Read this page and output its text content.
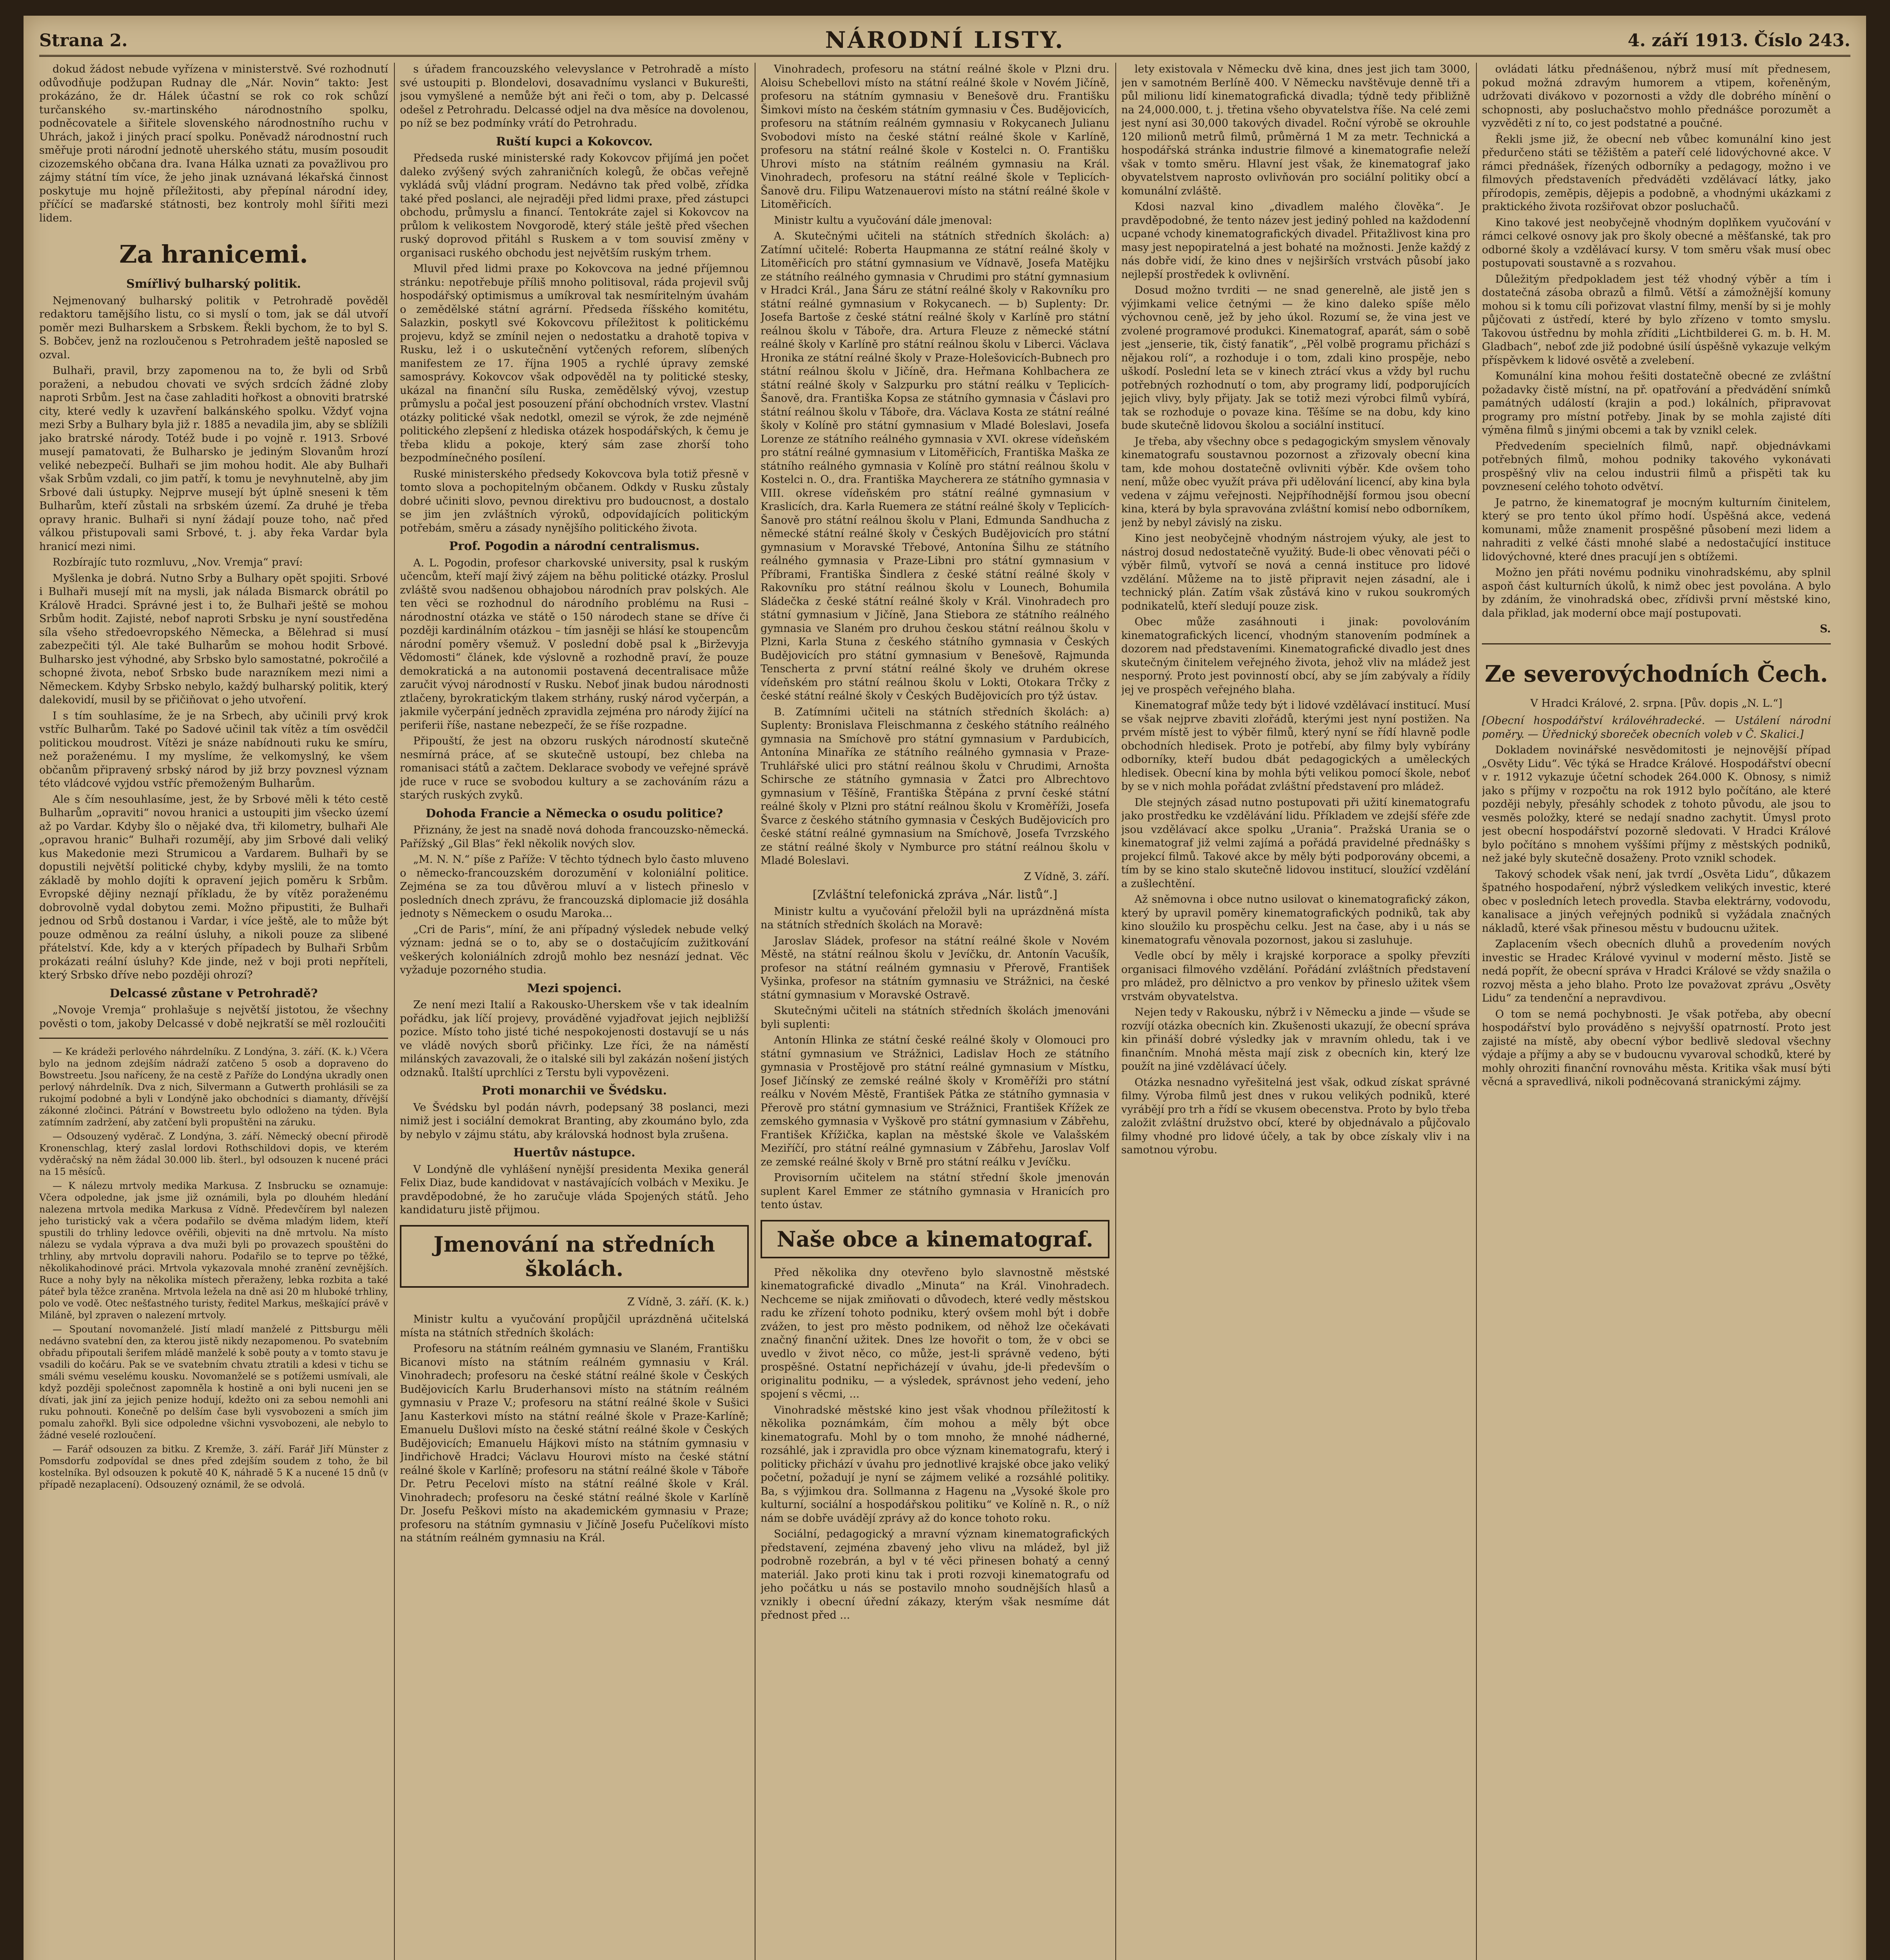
Strana 2.	NÁRODNÍ LISTY.	4. září 1913. Číslo 243.

dokud žádost nebude vyřízena v ministerstvě. Své rozhodnutí odůvodňuje podžupan Rudnay dle „Nár. Novin“ takto: Jest prokázáno, že dr. Hálek účastní se rok co rok schůzí turčanského sv.-martinského národnostního spolku, podněcovatele a šiřitele slovenského národnostního ruchu v Uhrách, jakož i jiných prací spolku. Poněvadž národnostní ruch směřuje proti národní jednotě uherského státu, musím posoudit cizozemského občana dra. Ivana Hálka uznati za považlivou pro zájmy státní tím více, že jeho jinak uznávaná lékařská činnost poskytuje mu hojně příležitosti, aby přepínal národní idey, příčící se maďarské státnosti, bez kontroly mohl šířiti mezi lidem.

Za hranicemi.
Smířlivý bulharský politik.

Nejmenovaný bulharský politik v Petrohradě pověděl redaktoru tamějšího listu, co si myslí o tom, jak se dál utvoří poměr mezi Bulharskem a Srbskem. Řekli bychom, že to byl S. S. Bobčev, jenž na rozloučenou s Petrohradem ještě naposled se ozval.

Bulhaři, pravil, brzy zapomenou na to, že byli od Srbů poraženi, a nebudou chovati ve svých srdcích žádné zloby naproti Srbům. Jest na čase zahladiti hořkost a obnoviti bratrské city, které vedly k uzavření balkánského spolku. Vždyť vojna mezi Srby a Bulhary byla již r. 1885 a nevadila jim, aby se sblížili jako bratrské národy. Totéž bude i po vojně r. 1913. Srbové musejí pamatovati, že Bulharsko je jediným Slovanům hrozí veliké nebezpečí. Bulhaři se jim mohou hodit. Ale aby Bulhaři však Srbům vzdali, co jim patří, k tomu je nevyhnutelně, aby jim Srbové dali ústupky. Nejprve musejí být úplně sneseni k těm Bulharům, kteří zůstali na srbském území. Za druhé je třeba opravy hranic. Bulhaři si nyní žádají pouze toho, nač před válkou přistupovali sami Srbové, t. j. aby řeka Vardar byla hranicí mezi nimi.

Rozbírajíc tuto rozmluvu, „Nov. Vremja“ praví:

Myšlenka je dobrá. Nutno Srby a Bulhary opět spojiti. Srbové i Bulhaři musejí mít na mysli, jak nálada Bismarck obrátil po Králově Hradci. Správné jest i to, že Bulhaři ještě se mohou Srbům hodit. Zajisté, nebof naproti Srbsku je nyní soustředěna síla všeho středoevropského Německa, a Bělehrad si musí zabezpečiti týl. Ale také Bulharům se mohou hodit Srbové. Bulharsko jest výhodné, aby Srbsko bylo samostatné, pokročilé a schopné života, neboť Srbsko bude narazníkem mezi nimi a Německem. Kdyby Srbsko nebylo, každý bulharský politik, který dalekovidí, musil by se přičiňovat o jeho utvoření.

I s tím souhlasíme, že je na Srbech, aby učinili prvý krok vstříc Bulharům. Také po Sadové učinil tak vítěz a tím osvědčil politickou moudrost. Vítězi je snáze nabídnouti ruku ke smíru, než poraženému. I my myslíme, že velkomyslný, ke všem občanům připravený srbský národ by již brzy povznesl význam této vládcové vyjdou vstříc přemoženým Bulharům.

Ale s čím nesouhlasíme, jest, že by Srbové měli k této cestě Bulharům „opraviti“ novou hranici a ustoupiti jim všecko území až po Vardar. Kdyby šlo o nějaké dva, tři kilometry, bulhaři Ale „opravou hranic“ Bulhaři rozumějí, aby jim Srbové dali veliký kus Makedonie mezi Strumicou a Vardarem. Bulhaři by se dopustili největší politické chyby, kdyby myslili, že na tomto základě by mohlo dojíti k opravení jejich poměru k Srbům. Evropské dějiny neznají příkladu, že by vítěz poraženému dobrovolně vydal dobytou zemi. Možno připustiti, že Bulhaři jednou od Srbů dostanou i Vardar, i více ještě, ale to může být pouze odměnou za reální úsluhy, a nikoli pouze za slibené přátelství. Kde, kdy a v kterých případech by Bulhaři Srbům prokázati reální úsluhy? Kde jinde, než v boji proti nepříteli, který Srbsko dříve nebo později ohrozí?

Delcassé zůstane v Petrohradě?

„Novoje Vremja“ prohlašuje s největší jistotou, že všechny pověsti o tom, jakoby Delcassé v době nejkratší se měl rozloučiti

— Ke krádeži perlového náhrdelníku. Z Londýna, 3. září. (K. k.) Včera bylo na jednom zdejším nádraží zatčeno 5 osob a dopraveno do Bowstreetu. Jsou naříceny, že na cestě z Paříže do Londýna ukradly onen perlový náhrdelník. Dva z nich, Silvermann a Gutwerth prohlásili se za rukojmí podobné a byli v Londýně jako obchodníci s diamanty, dřívější zákonné zločinci. Pátrání v Bowstreetu bylo odloženo na týden. Byla zatímním zadržení, aby zatčení byli propuštěni na záruku.

— Odsouzený vyděrač. Z Londýna, 3. září. Německý obecní přirodě Kronenschlag, který zaslal lordovi Rothschildovi dopis, ve kterém vyděračský na něm žádal 30.000 lib. šterl., byl odsouzen k nucené práci na 15 měsíců.

— K nálezu mrtvoly medika Markusa. Z Insbrucku se oznamuje: Včera odpoledne, jak jsme již oznámili, byla po dlouhém hledání nalezena mrtvola medika Markusa z Vídně. Předevčírem byl nalezen jeho turistický vak a včera podařilo se dvěma mladým lidem, kteří spustili do trhliny ledovce ověřili, objeviti na dně mrtvolu. Na místo nálezu se vydala výprava a dva muži byli po provazech spouštěni do trhliny, aby mrtvolu dopravili nahoru. Podařilo se to teprve po těžké, několikahodinové práci. Mrtvola vykazovala mnohé zranění zevnějších. Ruce a nohy byly na několika místech přeraženy, lebka rozbita a také páteř byla těžce zraněna. Mrtvola ležela na dně asi 20 m hluboké trhliny, polo ve vodě. Otec nešťastného turisty, ředitel Markus, meškající právě v Miláně, byl zpraven o nalezení mrtvoly.

— Spoutaní novomanželé. Jistí mladí manželé z Pittsburgu měli nedávno svatební den, za kterou jistě nikdy nezapomenou. Po svatebním obřadu připoutali šerifem mládě manželé k sobě pouty a v tomto stavu je vsadili do kočáru. Pak se ve svatebním chvatu ztratili a kdesi v tichu se smáli svému veselému kousku. Novomanželé se s potížemi usmívali, ale když později společnost zapomněla k hostině a oni byli nuceni jen se dívati, jak jiní za jejich penize hodují, kdežto oni za sebou nemohli ani ruku pohnouti. Konečně po delším čase byli vysvobozeni a smích jim pomalu zahořkl. Byli sice odpoledne všichni vysvobozeni, ale nebylo to žádné veselé rozloučení.

— Farář odsouzen za bitku. Z Kremže, 3. září. Farář Jiří Münster z Pomsdorfu zodpovídal se dnes před zdejším soudem z toho, že bil kostelníka. Byl odsouzen k pokutě 40 K, náhradě 5 K a nucené 15 dnů (v případě nezaplacení). Odsouzený oznámil, že se odvolá.

s úřadem francouzského velevyslance v Petrohradě a místo své ustoupiti p. Blondelovi, dosavadnímu vyslanci v Bukurešti, jsou vymyšlené a nemůže být ani řeči o tom, aby p. Delcassé odešel z Petrohradu. Delcassé odjel na dva měsíce na dovolenou, po níž se bez podmínky vrátí do Petrohradu.

Ruští kupci a Kokovcov.

Předseda ruské ministerské rady Kokovcov přijímá jen počet daleko zvýšený svých zahraničních kolegů, že občas veřejně vykládá svůj vládní program. Nedávno tak před volbě, zřídka také před poslanci, ale nejraději před lidmi praxe, před zástupci obchodu, průmyslu a financí. Tentokráte zajel si Kokovcov na průlom k velikostem Novgorodě, který stále ještě před všechen ruský doprovod přitáhl s Ruskem a v tom souvisí změny v organisaci ruského obchodu jest největším ruským trhem.

Mluvil před lidmi praxe po Kokovcova na jedné příjemnou stránku: nepotřebuje příliš mnoho politisoval, ráda projevil svůj hospodářský optimismus a umíkroval tak nesmíritelným úvahám o zemědělské státní agrární. Předseda říšského komitétu, Salazkin, poskytl své Kokovcovu příležitost k politickému projevu, když se zmínil nejen o nedostatku a drahotě topiva v Rusku, lež i o uskutečnění vytčených reforem, slíbených manifestem ze 17. října 1905 a rychlé úpravy zemské samosprávy. Kokovcov však odpověděl na ty politické stesky, ukázal na finanční sílu Ruska, zemědělský vývoj, vzestup průmyslu a počal jest posouzení přání obchodních vrstev. Vlastní otázky politické však nedotkl, omezil se výrok, že zde nejméně politického zlepšení z hlediska otázek hospodářských, k čemu je třeba klidu a pokoje, který sám zase zhorší toho bezpodmínečného posílení.

Ruské ministerského předsedy Kokovcova byla totiž přesně v tomto slova a pochopitelným občanem. Odkdy v Rusku zůstaly dobré učiniti slovo, pevnou direktivu pro budoucnost, a dostalo se jim jen zvláštních výroků, odpovídajících politickým potřebám, směru a zásady nynějšího politického života.

Prof. Pogodin a národní centralismus.

A. L. Pogodin, profesor charkovské university, psal k ruským učencům, kteří mají živý zájem na běhu politické otázky. Proslul zvláště svou nadšenou obhajobou národních prav polských. Ale ten věci se rozhodnul do národního problému na Rusi – národnostní otázka ve státě o 150 národech stane se dříve či později kardinálním otázkou – tím jasněji se hlásí ke stoupencům národní poměry všemuž. V poslední době psal k „Birževyja Vědomosti“ článek, kde výslovně a rozhodně praví, že pouze demokratická a na autonomii postavená decentralisace může zaručit vývoj národností v Rusku. Neboť jinak budou národnosti ztlačeny, byrokratickým tlakem strhány, ruský národ vyčerpán, a jakmile vyčerpání jedněch zpravidla zejména pro národy žijící na periferii říše, nastane nebezpečí, že se říše rozpadne.

Připouští, že jest na obzoru ruských národností skutečně nesmírná práce, ať se skutečně ustoupí, bez chleba na romanisaci států a začtem. Deklarace svobody ve veřejné správě jde ruce v ruce se svobodou kultury a se zachováním rázu a starých ruských zvyků.

Dohoda Francie a Německa o osudu politice?

Přiznány, že jest na snadě nová dohoda francouzsko-německá. Pařížský „Gil Blas“ řekl několik nových slov.

„M. N. N.“ píše z Paříže: V těchto týdnech bylo často mluveno o německo-francouzském dorozumění v koloniální politice. Zejména se za tou důvěrou mluví a v listech přineslo v posledních dnech zprávu, že francouzská diplomacie již dosáhla jednoty s Německem o osudu Maroka...

„Cri de Paris“, míní, že ani případný výsledek nebude velký význam: jedná se o to, aby se o dostačujícím zužitkování veškerých koloniálních zdrojů mohlo bez nesnází jednat. Věc vyžaduje pozorného studia.

Mezi spojenci.

Ze není mezi Italií a Rakousko-Uherskem vše v tak idealním pořádku, jak líčí projevy, prováděné vyjadřovat jejich nejbližší pozice. Místo toho jisté tiché nespokojenosti dostavují se u nás ve vládě nových sborů přičinky. Lze říci, že na náměstí milánských zavazovali, že o italské sili byl zakázán nošení jistých odznaků. Italští uprchlíci z Terstu byli vypovězeni.

Proti monarchii ve Švédsku.

Ve Švédsku byl podán návrh, podepsaný 38 poslanci, mezi nimiž jest i sociální demokrat Branting, aby zkoumáno bylo, zda by nebylo v zájmu státu, aby královská hodnost byla zrušena.

Huertův nástupce.

V Londýně dle vyhlášení nynější presidenta Mexika generál Felix Diaz, bude kandidovat v nastávajících volbách v Mexiku. Je pravděpodobné, že ho zaručuje vláda Spojených států. Jeho kandidaturu jistě přijmou.

Jmenování na středních školách.
Z Vídně, 3. září. (K. k.)

Ministr kultu a vyučování propůjčil uprázdněná učitelská místa na státních středních školách:

Profesoru na státním reálném gymnasiu ve Slaném, Františku Bicanovi místo na státním reálném gymnasiu v Král. Vinohradech; profesoru na české státní reálné škole v Českých Budějovicích Karlu Bruderhansovi místo na státním reálném gymnasiu v Praze V.; profesoru na státní reálné škole v Sušici Janu Kasterkovi místo na státní reálné škole v Praze-Karlíně; Emanuelu Dušlovi místo na české státní reálné škole v Českých Budějovicích; Emanuelu Hájkovi místo na státním gymnasiu v Jindřichově Hradci; Václavu Hourovi místo na české státní reálné škole v Karlíně; profesoru na státní reálné škole v Táboře Dr. Petru Pecelovi místo na státní reálné škole v Král. Vinohradech; profesoru na české státní reálné škole v Karlíně Dr. Josefu Peškovi místo na akademickém gymnasiu v Praze; profesoru na státním gymnasiu v Jičíně Josefu Pučelíkovi místo na státním reálném gymnasiu na Král.

Vinohradech, profesoru na státní reálné škole v Plzni dru. Aloisu Schebellovi místo na státní reálné škole v Novém Jičíně, profesoru na státním gymnasiu v Benešově dru. Františku Šimkovi místo na českém státním gymnasiu v Čes. Budějovicích, profesoru na státním reálném gymnasiu v Rokycanech Julianu Svobodovi místo na české státní reálné škole v Karlíně, profesoru na státní reálné škole v Kostelci n. O. Františku Uhrovi místo na státním reálném gymnasiu na Král. Vinohradech, profesoru na státní reálné škole v Teplicích-Šanově dru. Filipu Watzenauerovi místo na státní reálné škole v Litoměřicích.

Ministr kultu a vyučování dále jmenoval:

A. Skutečnými učiteli na státních středních školách: a) Zatímní učitelé: Roberta Haupmanna ze státní reálné školy v Litoměřicích pro státní gymnasium ve Vídnavě, Josefa Matějku ze státního reálného gymnasia v Chrudimi pro státní gymnasium v Hradci Král., Jana Šáru ze státní reálné školy v Rakovníku pro státní reálné gymnasium v Rokycanech. — b) Suplenty: Dr. Josefa Bartoše z české státní reálné školy v Karlíně pro státní reálnou školu v Táboře, dra. Artura Fleuze z německé státní reálné školy v Karlíně pro státní reálnou školu v Liberci. Václava Hronika ze státní reálné školy v Praze-Holešovicích-Bubnech pro státní reálnou školu v Jičíně, dra. Heřmana Kohlbachera ze státní reálné školy v Salzpurku pro státní reálku v Teplicích-Šanově, dra. Františka Kopsa ze státního gymnasia v Čáslavi pro státní reálnou školu v Táboře, dra. Václava Kosta ze státní reálné školy v Kolíně pro státní gymnasium v Mladé Boleslavi, Josefa Lorenze ze státního reálného gymnasia v XVI. okrese vídeňském pro státní reálné gymnasium v Litoměřicích, Františka Maška ze státního reálného gymnasia v Kolíně pro státní reálnou školu v Kostelci n. O., dra. Františka Maycherera ze státního gymnasia v VIII. okrese vídeňském pro státní reálné gymnasium v Kraslicích, dra. Karla Ruemera ze státní reálné školy v Teplicích-Šanově pro státní reálnou školu v Plani, Edmunda Sandhucha z německé státní reálné školy v Českých Budějovicích pro státní gymnasium v Moravské Třebové, Antonína Šilhu ze státního reálného gymnasia v Praze-Libni pro státní gymnasium v Příbrami, Františka Šindlera z české státní reálné školy v Rakovníku pro státní reálnou školu v Lounech, Bohumila Sládečka z české státní reálné školy v Král. Vinohradech pro státní gymnasium v Jičíně, Jana Stiebora ze státního reálného gymnasia ve Slaném pro druhou českou státní reálnou školu v Plzni, Karla Stuna z českého státního gymnasia v Českých Budějovicích pro státní gymnasium v Benešově, Rajmunda Tenscherta z první státní reálné školy ve druhém okrese vídeňském pro státní reálnou školu v Lokti, Otokara Trčky z české státní reálné školy v Českých Budějovicích pro týž ústav.

B. Zatímními učiteli na státních středních školách: a) Suplenty: Bronislava Fleischmanna z českého státního reálného gymnasia na Smíchově pro státní gymnasium v Pardubicích, Antonína Minaříka ze státního reálného gymnasia v Praze-Truhlářské ulici pro státní reálnou školu v Chrudimi, Arnošta Schirsche ze státního gymnasia v Žatci pro Albrechtovo gymnasium v Těšíně, Františka Štěpána z první české státní reálné školy v Plzni pro státní reálnou školu v Kroměříži, Josefa Švarce z českého státního gymnasia v Českých Budějovicích pro české státní reálné gymnasium na Smíchově, Josefa Tvrzského ze státní reálné školy v Nymburce pro státní reálnou školu v Mladé Boleslavi.

Z Vídně, 3. září.
[Zvláštní telefonická zpráva „Nár. listů“.]

Ministr kultu a vyučování přeložil byli na uprázdněná místa na státních středních školách na Moravě:

Jaroslav Sládek, profesor na státní reálné škole v Novém Městě, na státní reálnou školu v Jevíčku, dr. Antonín Vacušík, profesor na státní reálném gymnasiu v Přerově, František Vyšinka, profesor na státním gymnasiu ve Strážnici, na české státní gymnasium v Moravské Ostravě.

Skutečnými učiteli na státních středních školách jmenováni byli suplenti:

Antonín Hlinka ze státní české reálné školy v Olomouci pro státní gymnasium ve Strážnici, Ladislav Hoch ze státního gymnasia v Prostějově pro státní reálné gymnasium v Místku, Josef Jičínský ze zemské reálné školy v Kroměříži pro státní reálku v Novém Městě, František Pátka ze státního gymnasia v Přerově pro státní gymnasium ve Strážnici, František Křížek ze zemského gymnasia v Vyškově pro státní gymnasium v Zábřehu, František Křížička, kaplan na městské škole ve Valašském Meziříčí, pro státní reálné gymnasium v Zábřehu, Jaroslav Volf ze zemské reálné školy v Brně pro státní reálku v Jevíčku.

Provisorním učitelem na státní střední škole jmenován suplent Karel Emmer ze státního gymnasia v Hranicích pro tento ústav.

Naše obce a kinematograf.

Před několika dny otevřeno bylo slavnostně městské kinematografické divadlo „Minuta“ na Král. Vinohradech. Nechceme se nijak zmiňovati o důvodech, které vedly městskou radu ke zřízení tohoto podniku, který ovšem mohl být i dobře zvážen, to jest pro město podnikem, od něhož lze očekávati značný finanční užitek. Dnes lze hovořit o tom, že v obci se uvedlo v život něco, co může, jest-li správně vedeno, býti prospěšné. Ostatní nepřicházejí v úvahu, jde-li především o originalitu podniku, — a výsledek, správnost jeho vedení, jeho spojení s věcmi, ...

Vinohradské městské kino jest však vhodnou příležitostí k několika poznámkám, čím mohou a měly být obce kinematografu. Mohl by o tom mnoho, že mnohé nádherné, rozsáhlé, jak i zpravidla pro obce význam kinematografu, který i politicky přichází v úvahu pro jednotlivé krajské obce jako veliký početní, požadují je nyní se zájmem veliké a rozsáhlé politiky. Ba, s výjimkou dra. Sollmanna z Hagenu na „Vysoké škole pro kulturní, sociální a hospodářskou politiku“ ve Kolíně n. R., o níž nám se dobře uvádějí zprávy až do konce tohoto roku.

Sociální, pedagogický a mravní význam kinematografických představení, zejména zbavený jeho vlivu na mládež, byl již podrobně rozebrán, a byl v té věci přinesen bohatý a cenný materiál. Jako proti kinu tak i proti rozvoji kinematografu od jeho počátku u nás se postavilo mnoho soudnějších hlasů a vznikly i obecní úřední zákazy, kterým však nesmíme dát přednost před ...

lety existovala v Německu dvě kina, dnes jest jich tam 3000, jen v samotném Berlíně 400. V Německu navštěvuje denně tři a půl milionu lidí kinematografická divadla; týdně tedy přibližně na 24,000.000, t. j. třetina všeho obyvatelstva říše. Na celé zemi jest nyní asi 30,000 takových divadel. Roční výrobě se okrouhle 120 milionů metrů filmů, průměrná 1 M za metr. Technická a hospodářská stránka industrie filmové a kinematografie neleží však v tomto směru. Hlavní jest však, že kinematograf jako obyvatelstvem naprosto ovlivňován pro sociální politiky obcí a komunální zvláště.

Kdosi nazval kino „divadlem malého člověka“. Je pravděpodobné, že tento název jest jediný pohled na každodenní ucpané vchody kinematografických divadel. Přitažlivost kina pro masy jest nepopiratelná a jest bohaté na možnosti. Jenže každý z nás dobře vidí, že kino dnes v nejširších vrstvách působí jako nejlepší prostředek k ovlivnění.

Dosud možno tvrditi — ne snad generelně, ale jistě jen s výjimkami velice četnými — že kino daleko spíše mělo výchovnou ceně, jež by jeho úkol. Rozumí se, že vina jest ve zvolené programové produkci. Kinematograf, aparát, sám o sobě jest „jenserie, tik, čistý fanatik“, „Pěl volbě programu přichází s nějakou rolí“, a rozhoduje i o tom, zdali kino prospěje, nebo uškodí. Poslední leta se v kinech ztrácí vkus a vždy byl ruchu potřebných rozhodnutí o tom, aby programy lidí, podporujících jejich vlivy, byly přijaty. Jak se totiž mezi výrobci filmů vybírá, tak se rozhoduje o povaze kina. Těšíme se na dobu, kdy kino bude skutečně lidovou školou a sociální institucí.

Je třeba, aby všechny obce s pedagogickým smyslem věnovaly kinematografu soustavnou pozornost a zřizovaly obecní kina tam, kde mohou dostatečně ovlivniti výběr. Kde ovšem toho není, může obec využít práva při udělování licencí, aby kina byla vedena v zájmu veřejnosti. Nejpříhodnější formou jsou obecní kina, která by byla spravována zvláštní komisí nebo odborníkem, jenž by nebyl závislý na zisku.

Kino jest neobyčejně vhodným nástrojem výuky, ale jest to nástroj dosud nedostatečně využitý. Bude-li obec věnovati péči o výběr filmů, vytvoří se nová a cenná instituce pro lidové vzdělání. Můžeme na to jistě připravit nejen zásadní, ale i technický plán. Zatím však zůstává kino v rukou soukromých podnikatelů, kteří sledují pouze zisk.

Obec může zasáhnouti i jinak: povolováním kinematografických licencí, vhodným stanovením podmínek a dozorem nad představeními. Kinematografické divadlo jest dnes skutečným činitelem veřejného života, jehož vliv na mládež jest nesporný. Proto jest povinností obcí, aby se jím zabývaly a řídily jej ve prospěch veřejného blaha.

Kinematograf může tedy být i lidové vzdělávací institucí. Musí se však nejprve zbaviti zlořádů, kterými jest nyní postižen. Na prvém místě jest to výběr filmů, který nyní se řídí hlavně podle obchodních hledisek. Proto je potřebí, aby filmy byly vybírány odborníky, kteří budou dbát pedagogických a uměleckých hledisek. Obecní kina by mohla býti velikou pomocí škole, neboť by se v nich mohla pořádat zvláštní představení pro mládež.

Dle stejných zásad nutno postupovati při užití kinematografu jako prostředku ke vzdělávání lidu. Příkladem ve zdejší sféře zde jsou vzdělávací akce spolku „Urania“. Pražská Urania se o kinematograf již velmi zajímá a pořádá pravidelné přednášky s projekcí filmů. Takové akce by měly býti podporovány obcemi, a tím by se kino stalo skutečně lidovou institucí, sloužící vzdělání a zušlechtění.

Až sněmovna i obce nutno usilovat o kinematografický zákon, který by upravil poměry kinematografických podniků, tak aby kino sloužilo ku prospěchu celku. Jest na čase, aby i u nás se kinematografu věnovala pozornost, jakou si zasluhuje.

Vedle obcí by měly i krajské korporace a spolky převzíti organisaci filmového vzdělání. Pořádání zvláštních představení pro mládež, pro dělnictvo a pro venkov by přineslo užitek všem vrstvám obyvatelstva.

Nejen tedy v Rakousku, nýbrž i v Německu a jinde — všude se rozvíjí otázka obecních kin. Zkušenosti ukazují, že obecní správa kin přináší dobré výsledky jak v mravním ohledu, tak i ve finančním. Mnohá města mají zisk z obecních kin, který lze použít na jiné vzdělávací účely.

Otázka nesnadno vyřešitelná jest však, odkud získat správné filmy. Výroba filmů jest dnes v rukou velikých podniků, které vyrábějí pro trh a řídí se vkusem obecenstva. Proto by bylo třeba založit zvláštní družstvo obcí, které by objednávalo a půjčovalo filmy vhodné pro lidové účely, a tak by obce získaly vliv i na samotnou výrobu.

ovládati látku přednášenou, nýbrž musí mít přednesem, pokud možná zdravým humorem a vtipem, kořeněným, udržovati divákovo v pozornosti a vždy dle dobrého mínění o schopnosti, aby posluchačstvo mohlo přednášce porozumět a vyzvěděti z ní to, co jest podstatné a poučné.

Řekli jsme již, že obecní neb vůbec komunální kino jest předurčeno státi se těžištěm a pateří celé lidovýchovné akce. V rámci přednášek, řízených odborníky a pedagogy, možno i ve filmových představeních předváděti vzdělávací látky, jako přírodopis, zeměpis, dějepis a podobně, a vhodnými ukázkami z praktického života rozšiřovat obzor posluchačů.

Kino takové jest neobyčejně vhodným doplňkem vyučování v rámci celkové osnovy jak pro školy obecné a měšťanské, tak pro odborné školy a vzdělávací kursy. V tom směru však musí obec postupovati soustavně a s rozvahou.

Důležitým předpokladem jest též vhodný výběr a tím i dostatečná zásoba obrazů a filmů. Větší a zámožnější komuny mohou si k tomu cíli pořizovat vlastní filmy, menší by si je mohly půjčovati z ústředí, které by bylo zřízeno v tomto smyslu. Takovou ústřednu by mohla zříditi „Lichtbilderei G. m. b. H. M. Gladbach“, neboť zde již podobné úsilí úspěšně vykazuje velkým příspěvkem k lidové osvětě a zvelebení.

Komunální kina mohou řešiti dostatečně obecné ze zvláštní požadavky čistě místní, na př. opatřování a předvádění snímků památných událostí (krajin a pod.) lokálních, připravovat programy pro místní potřeby. Jinak by se mohla zajisté díti výměna filmů s jinými obcemi a tak by vznikl celek.

Předvedením specielních filmů, např. objednávkami potřebných filmů, mohou podniky takového vykonávati prospěšný vliv na celou industrii filmů a přispěti tak ku povznesení celého tohoto odvětví.

Je patrno, že kinematograf je mocným kulturním činitelem, který se pro tento úkol přímo hodí. Úspěšná akce, vedená komunami, může znamenit prospěšné působení mezi lidem a nahraditi z velké části mnohé slabé a nedostačující instituce lidovýchovné, které dnes pracují jen s obtížemi.

Možno jen přáti novému podniku vinohradskému, aby splnil aspoň část kulturních úkolů, k nimž obec jest povolána. A bylo by zdáním, že vinohradská obec, zřídivši první městské kino, dala přiklad, jak moderní obce mají postupovati.

S.
Ze severovýchodních Čech.
V Hradci Králové, 2. srpna. [Pův. dopis „N. L.“]

[Obecní hospodářství královéhradecké. — Ustálení národní poměry. — Úřednický sboreček obecních voleb v Č. Skalici.]

Dokladem novinářské nesvědomitosti je nejnovější případ „Osvěty Lidu“. Věc týká se Hradce Králové. Hospodářství obecní v r. 1912 vykazuje účetní schodek 264.000 K. Obnosy, s nimiž jako s příjmy v rozpočtu na rok 1912 bylo počítáno, ale které později nebyly, přesáhly schodek z tohoto původu, ale jsou to vesměs položky, které se nedají snadno zachytit. Úmysl proto jest obecní hospodářství pozorně sledovati. V Hradci Králové bylo počítáno s mnohem vyššími příjmy z městských podniků, než jaké byly skutečně dosaženy. Proto vznikl schodek.

Takový schodek však není, jak tvrdí „Osvěta Lidu“, důkazem špatného hospodaření, nýbrž výsledkem velikých investic, které obec v posledních letech provedla. Stavba elektrárny, vodovodu, kanalisace a jiných veřejných podniků si vyžádala značných nákladů, které však přinesou městu v budoucnu užitek.

Zaplacením všech obecních dluhů a provedením nových investic se Hradec Králové vyvinul v moderní město. Jistě se nedá popřít, že obecní správa v Hradci Králové se vždy snažila o rozvoj města a jeho blaho. Proto lze považovat zprávu „Osvěty Lidu“ za tendenční a nepravdivou.

O tom se nemá pochybnosti. Je však potřeba, aby obecní hospodářství bylo prováděno s nejvyšší opatrností. Proto jest zajisté na místě, aby obecní výbor bedlivě sledoval všechny výdaje a příjmy a aby se v budoucnu vyvaroval schodků, které by mohly ohroziti finanční rovnováhu města. Kritika však musí býti věcná a spravedlivá, nikoli podněcovaná stranickými zájmy.
